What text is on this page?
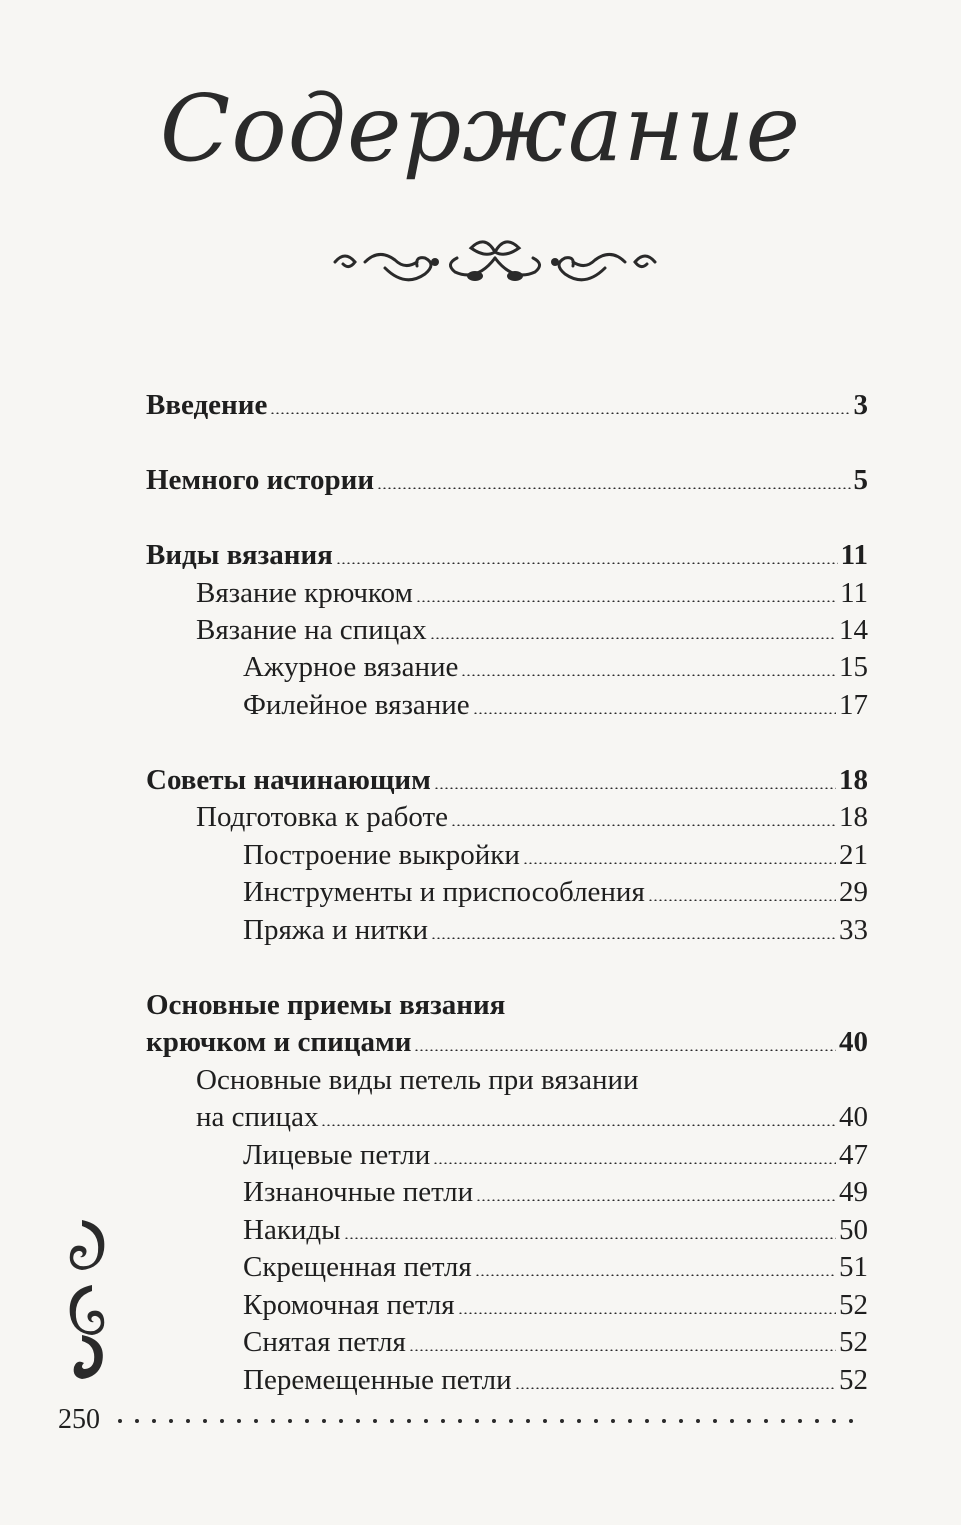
Содержание
Введение	3
Немного истории	5
Виды вязания	11
Вязание крючком	11
Вязание на спицах	14
Ажурное вязание	15
Филейное вязание	17
Советы начинающим	18
Подготовка к работе	18
Построение выкройки	21
Инструменты и приспособления	29
Пряжа и нитки	33
Основные приемы вязания
крючком и спицами	40
Основные виды петель при вязании
на спицах	40
Лицевые петли	47
Изнаночные петли	49
Накиды	50
Скрещенная петля	51
Кромочная петля	52
Снятая петля	52
Перемещенные петли	52
250
